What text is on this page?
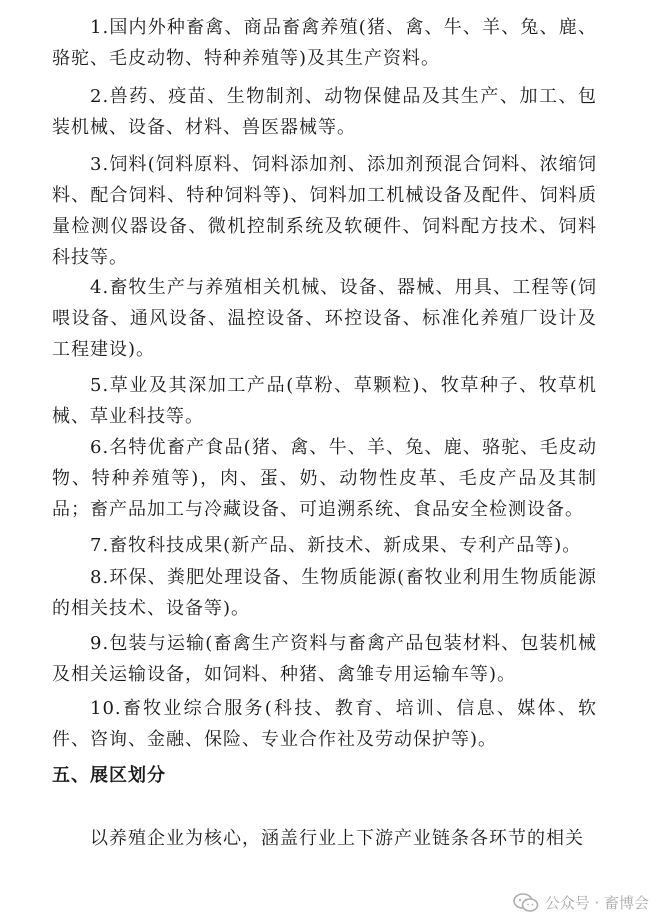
1.国内外种畜禽、商品畜禽养殖(猪、禽、牛、羊、兔、鹿、骆驼、毛皮动物、特种养殖等)及其生产资料。

2.兽药、疫苗、生物制剂、动物保健品及其生产、加工、包装机械、设备、材料、兽医器械等。

3.饲料(饲料原料、饲料添加剂、添加剂预混合饲料、浓缩饲料、配合饲料、特种饲料等)、饲料加工机械设备及配件、饲料质量检测仪器设备、微机控制系统及软硬件、饲料配方技术、饲料科技等。

4.畜牧生产与养殖相关机械、设备、器械、用具、工程等(饲喂设备、通风设备、温控设备、环控设备、标准化养殖厂设计及工程建设)。

5.草业及其深加工产品(草粉、草颗粒)、牧草种子、牧草机械、草业科技等。

6.名特优畜产食品(猪、禽、牛、羊、兔、鹿、骆驼、毛皮动物、特种养殖等)，肉、蛋、奶、动物性皮革、毛皮产品及其制品；畜产品加工与冷藏设备、可追溯系统、食品安全检测设备。

7.畜牧科技成果(新产品、新技术、新成果、专利产品等)。

8.环保、粪肥处理设备、生物质能源(畜牧业利用生物质能源的相关技术、设备等)。

9.包装与运输(畜禽生产资料与畜禽产品包装材料、包装机械及相关运输设备，如饲料、种猪、禽雏专用运输车等)。

10.畜牧业综合服务(科技、教育、培训、信息、媒体、软件、咨询、金融、保险、专业合作社及劳动保护等)。

五、展区划分

以养殖企业为核心，涵盖行业上下游产业链条各环节的相关

公众号 · 畜博会
